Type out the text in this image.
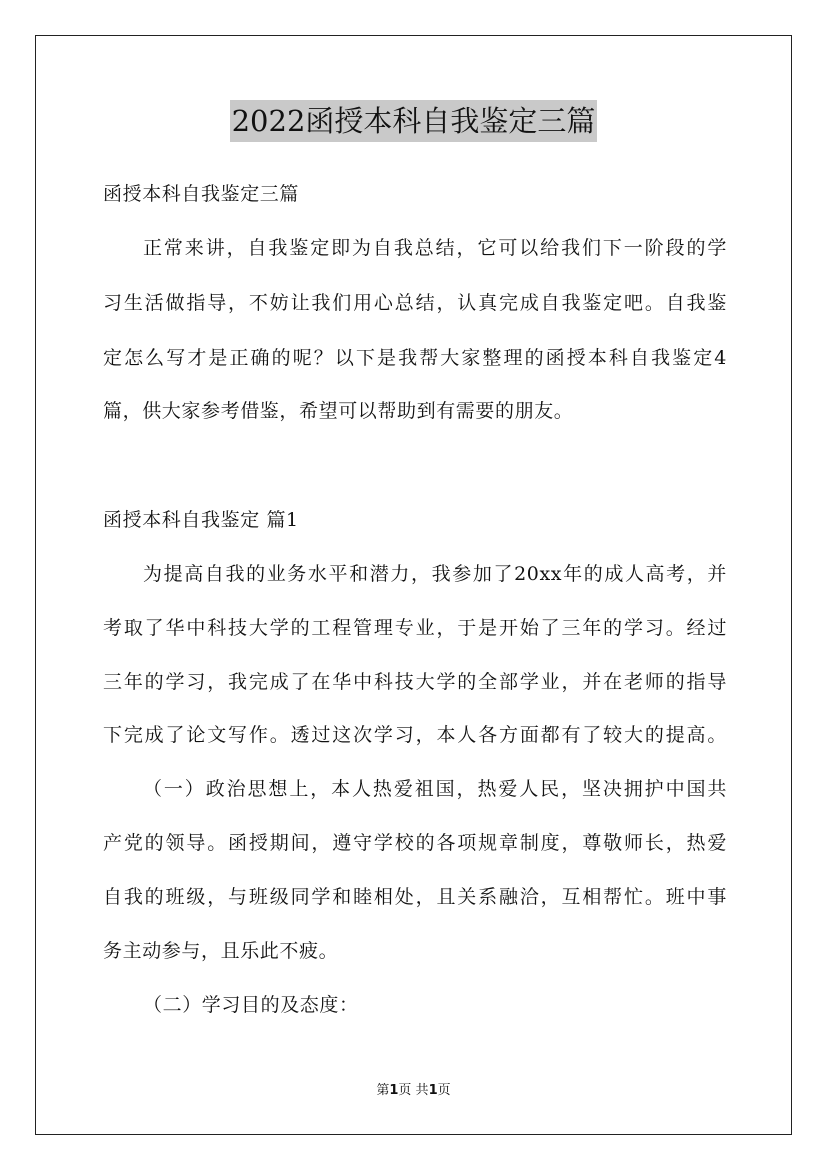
2022函授本科自我鉴定三篇
函授本科自我鉴定三篇
正常来讲，自我鉴定即为自我总结，它可以给我们下一阶段的学
习生活做指导，不妨让我们用心总结，认真完成自我鉴定吧。自我鉴
定怎么写才是正确的呢？以下是我帮大家整理的函授本科自我鉴定4
篇，供大家参考借鉴，希望可以帮助到有需要的朋友。
函授本科自我鉴定 篇1
为提高自我的业务水平和潜力，我参加了20xx年的成人高考，并
考取了华中科技大学的工程管理专业，于是开始了三年的学习。经过
三年的学习，我完成了在华中科技大学的全部学业，并在老师的指导
下完成了论文写作。透过这次学习，本人各方面都有了较大的提高。
（一）政治思想上，本人热爱祖国，热爱人民，坚决拥护中国共
产党的领导。函授期间，遵守学校的各项规章制度，尊敬师长，热爱
自我的班级，与班级同学和睦相处，且关系融洽，互相帮忙。班中事
务主动参与，且乐此不疲。
（二）学习目的及态度：
第1页 共1页
